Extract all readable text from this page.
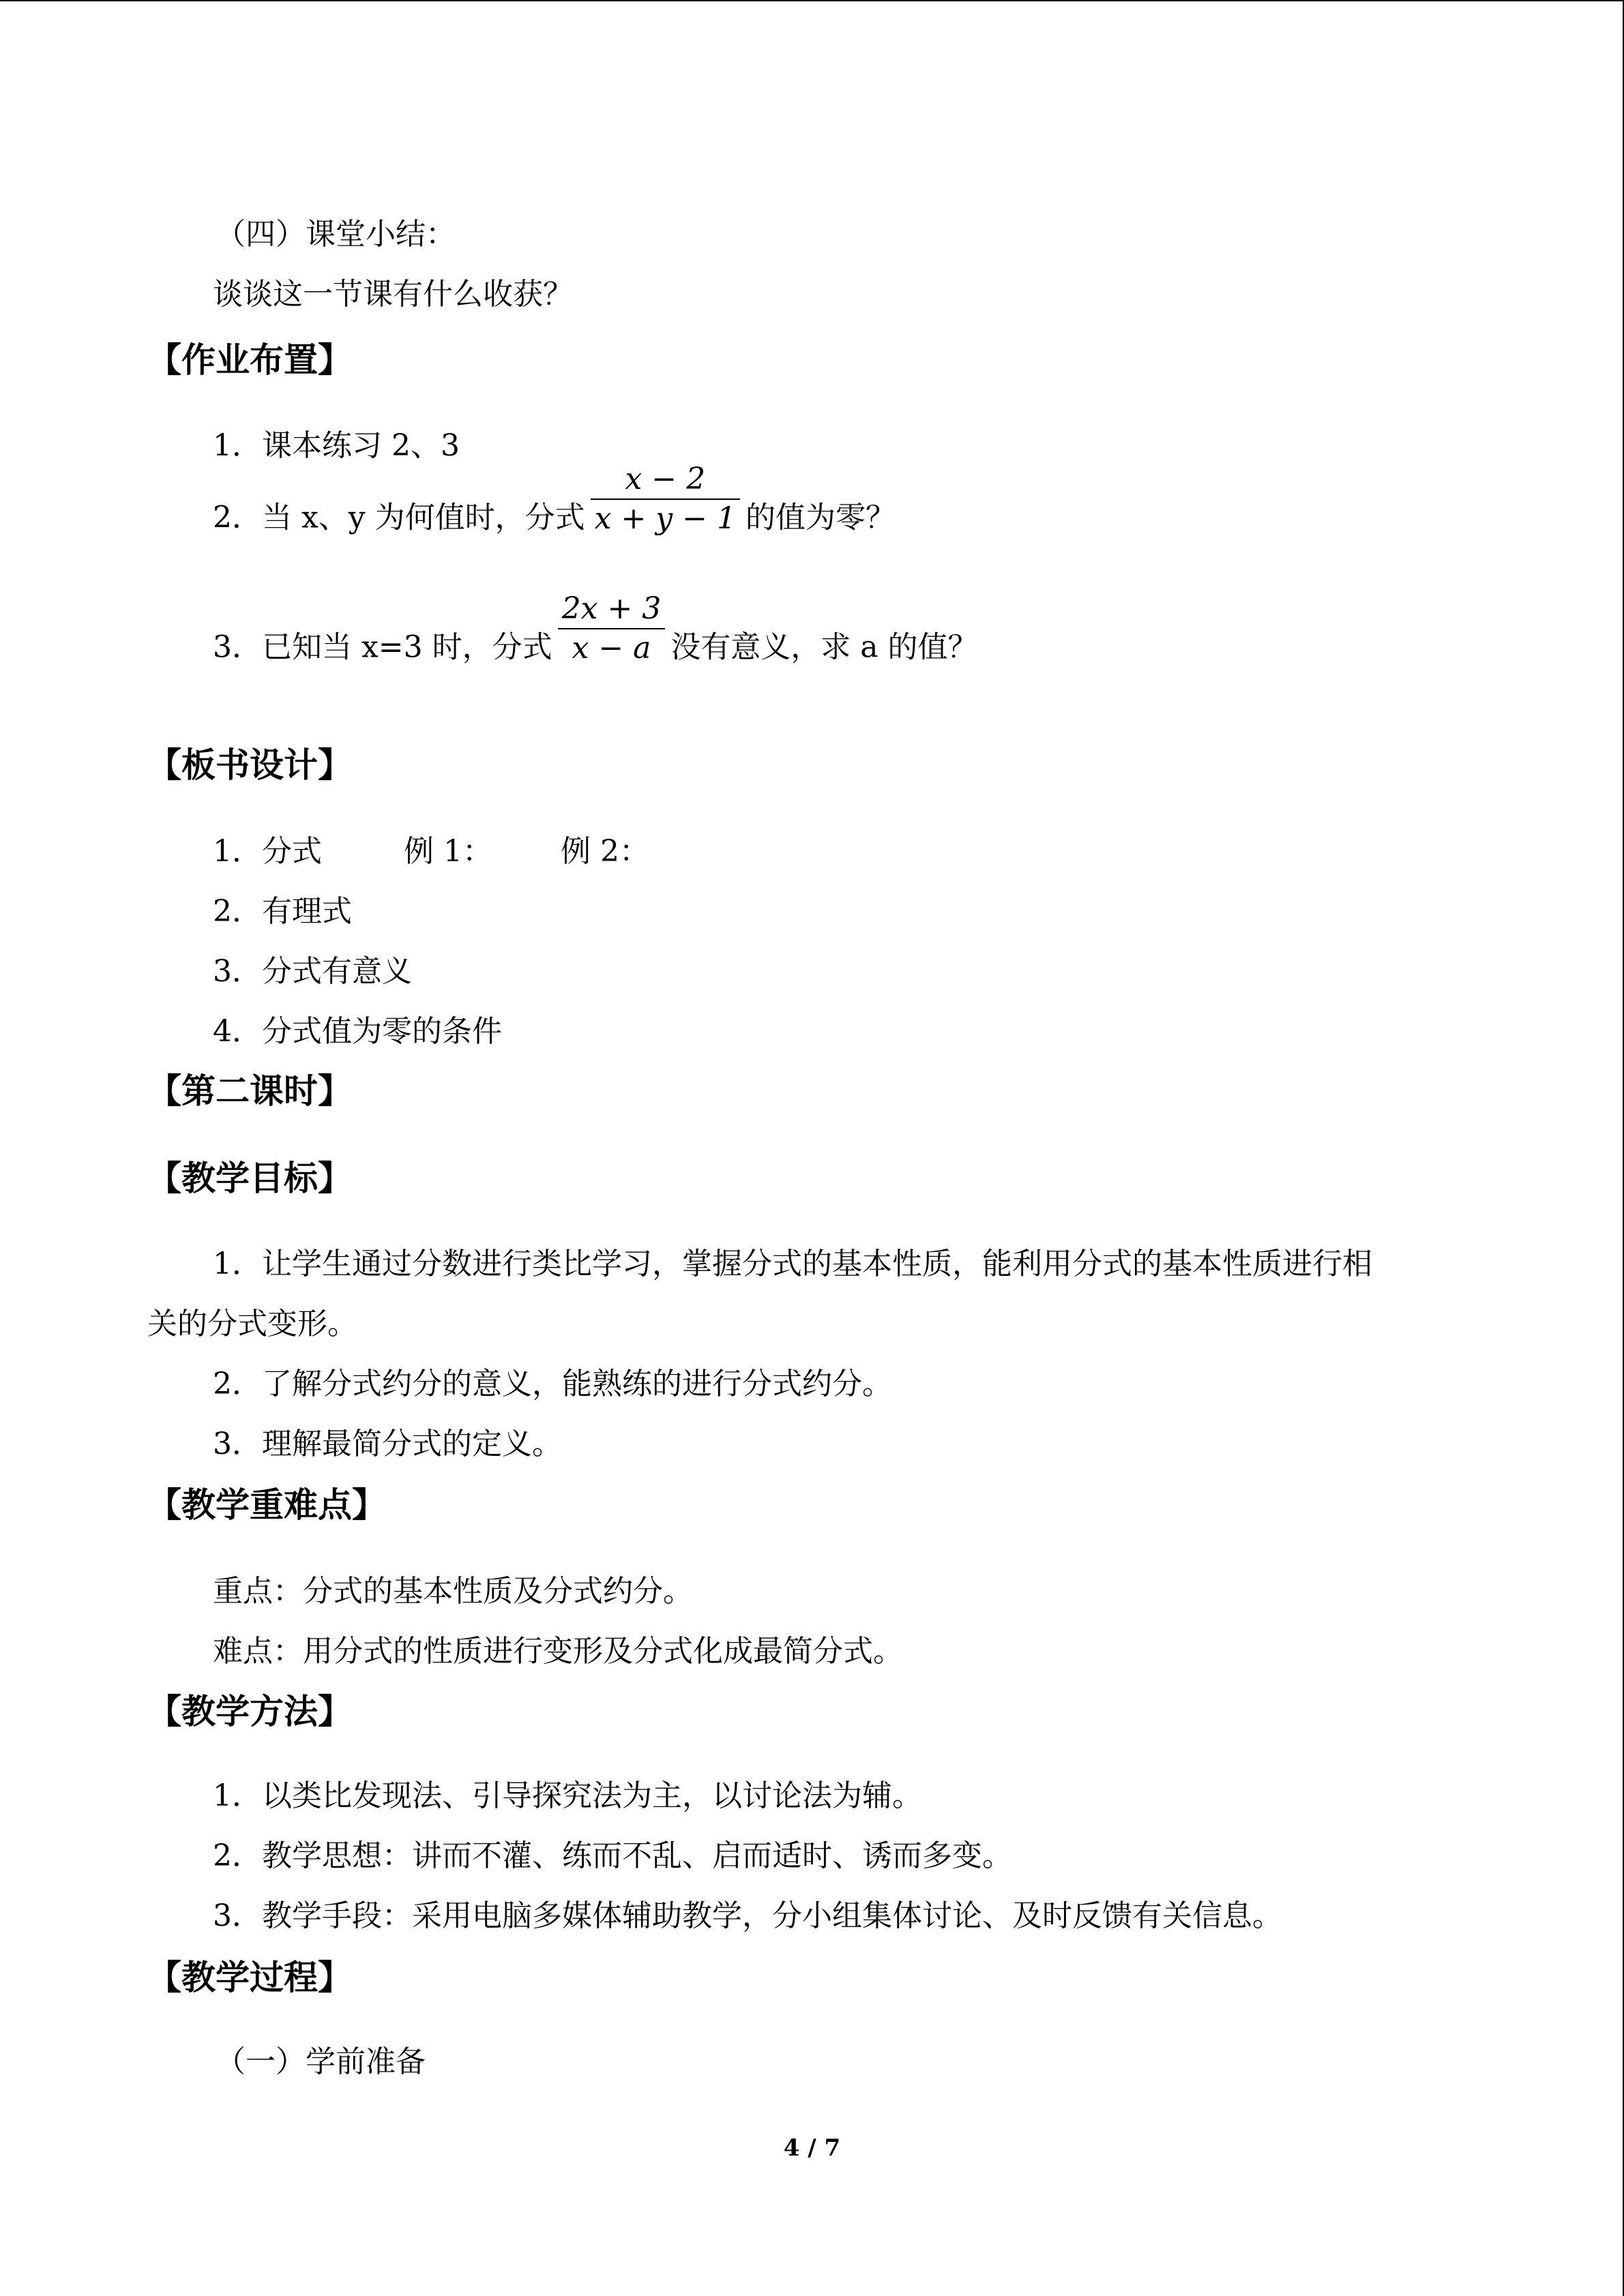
（四）课堂小结：

谈谈这一节课有什么收获？

【作业布置】

1．课本练习 2、3

2．当 x、y 为何值时，分式 $\frac{x - 2}{x + y - 1}$ 的值为零？

3．已知当 x=3 时，分式 $\frac{2x + 3}{x - a}$ 没有意义，求 a 的值？

【板书设计】

1．分式	例 1： 例 2：

2．有理式

3．分式有意义

4．分式值为零的条件

【第二课时】

【教学目标】

1．让学生通过分数进行类比学习，掌握分式的基本性质，能利用分式的基本性质进行相

关的分式变形。

2．了解分式约分的意义，能熟练的进行分式约分。

3．理解最简分式的定义。

【教学重难点】

重点：分式的基本性质及分式约分。

难点：用分式的性质进行变形及分式化成最简分式。

【教学方法】

1．以类比发现法、引导探究法为主，以讨论法为辅。

2．教学思想：讲而不灌、练而不乱、启而适时、诱而多变。

3．教学手段：采用电脑多媒体辅助教学，分小组集体讨论、及时反馈有关信息。

【教学过程】

（一）学前准备

4 / 7
